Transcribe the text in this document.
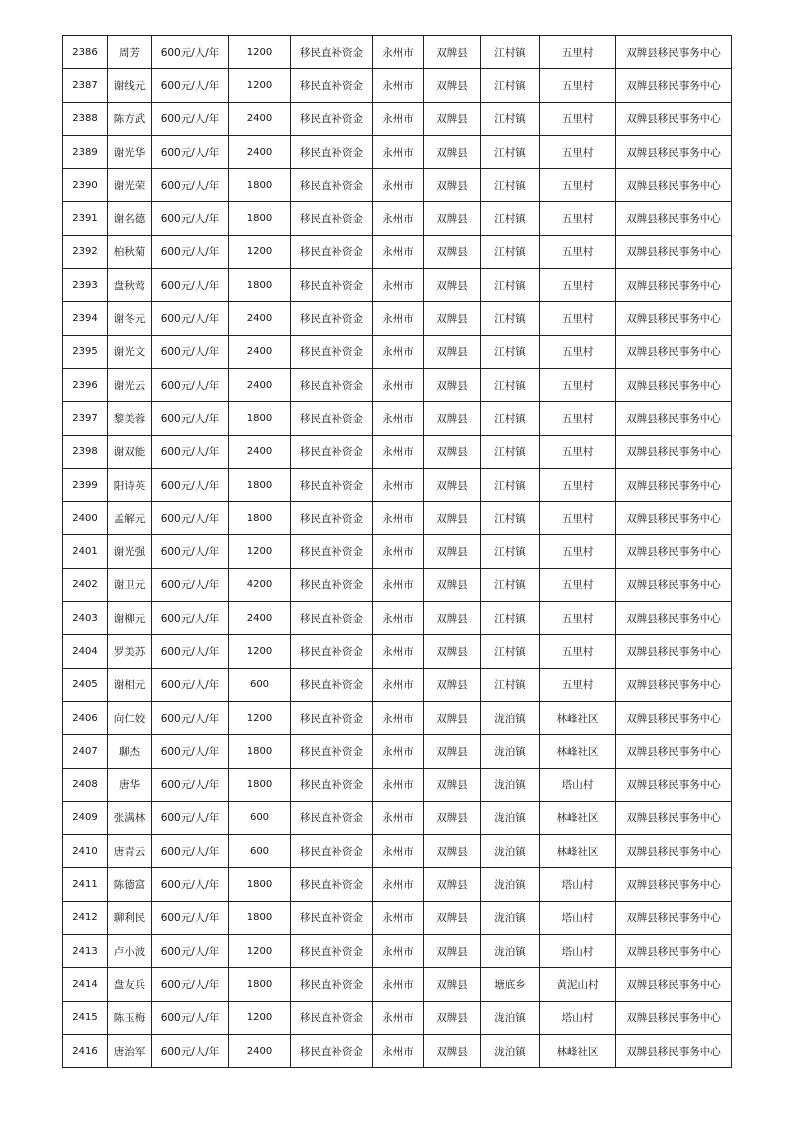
2386	周芳	600元/人/年	1200	移民直补资金	永州市	双牌县	江村镇	五里村	双牌县移民事务中心
2387	谢线元	600元/人/年	1200	移民直补资金	永州市	双牌县	江村镇	五里村	双牌县移民事务中心
2388	陈方武	600元/人/年	2400	移民直补资金	永州市	双牌县	江村镇	五里村	双牌县移民事务中心
2389	谢光华	600元/人/年	2400	移民直补资金	永州市	双牌县	江村镇	五里村	双牌县移民事务中心
2390	谢光荣	600元/人/年	1800	移民直补资金	永州市	双牌县	江村镇	五里村	双牌县移民事务中心
2391	谢名德	600元/人/年	1800	移民直补资金	永州市	双牌县	江村镇	五里村	双牌县移民事务中心
2392	柏秋菊	600元/人/年	1200	移民直补资金	永州市	双牌县	江村镇	五里村	双牌县移民事务中心
2393	盘秋莺	600元/人/年	1800	移民直补资金	永州市	双牌县	江村镇	五里村	双牌县移民事务中心
2394	谢冬元	600元/人/年	2400	移民直补资金	永州市	双牌县	江村镇	五里村	双牌县移民事务中心
2395	谢光文	600元/人/年	2400	移民直补资金	永州市	双牌县	江村镇	五里村	双牌县移民事务中心
2396	谢光云	600元/人/年	2400	移民直补资金	永州市	双牌县	江村镇	五里村	双牌县移民事务中心
2397	黎美蓉	600元/人/年	1800	移民直补资金	永州市	双牌县	江村镇	五里村	双牌县移民事务中心
2398	谢双能	600元/人/年	2400	移民直补资金	永州市	双牌县	江村镇	五里村	双牌县移民事务中心
2399	阳诗英	600元/人/年	1800	移民直补资金	永州市	双牌县	江村镇	五里村	双牌县移民事务中心
2400	孟解元	600元/人/年	1800	移民直补资金	永州市	双牌县	江村镇	五里村	双牌县移民事务中心
2401	谢光强	600元/人/年	1200	移民直补资金	永州市	双牌县	江村镇	五里村	双牌县移民事务中心
2402	谢卫元	600元/人/年	4200	移民直补资金	永州市	双牌县	江村镇	五里村	双牌县移民事务中心
2403	谢柳元	600元/人/年	2400	移民直补资金	永州市	双牌县	江村镇	五里村	双牌县移民事务中心
2404	罗美苏	600元/人/年	1200	移民直补资金	永州市	双牌县	江村镇	五里村	双牌县移民事务中心
2405	谢相元	600元/人/年	600	移民直补资金	永州市	双牌县	江村镇	五里村	双牌县移民事务中心
2406	向仁姣	600元/人/年	1200	移民直补资金	永州市	双牌县	泷泊镇	林峰社区	双牌县移民事务中心
2407	聊杰	600元/人/年	1800	移民直补资金	永州市	双牌县	泷泊镇	林峰社区	双牌县移民事务中心
2408	唐华	600元/人/年	1800	移民直补资金	永州市	双牌县	泷泊镇	塔山村	双牌县移民事务中心
2409	张满林	600元/人/年	600	移民直补资金	永州市	双牌县	泷泊镇	林峰社区	双牌县移民事务中心
2410	唐青云	600元/人/年	600	移民直补资金	永州市	双牌县	泷泊镇	林峰社区	双牌县移民事务中心
2411	陈德富	600元/人/年	1800	移民直补资金	永州市	双牌县	泷泊镇	塔山村	双牌县移民事务中心
2412	聊利民	600元/人/年	1800	移民直补资金	永州市	双牌县	泷泊镇	塔山村	双牌县移民事务中心
2413	卢小波	600元/人/年	1200	移民直补资金	永州市	双牌县	泷泊镇	塔山村	双牌县移民事务中心
2414	盘友兵	600元/人/年	1800	移民直补资金	永州市	双牌县	塘底乡	黄泥山村	双牌县移民事务中心
2415	陈玉梅	600元/人/年	1200	移民直补资金	永州市	双牌县	泷泊镇	塔山村	双牌县移民事务中心
2416	唐治军	600元/人/年	2400	移民直补资金	永州市	双牌县	泷泊镇	林峰社区	双牌县移民事务中心
